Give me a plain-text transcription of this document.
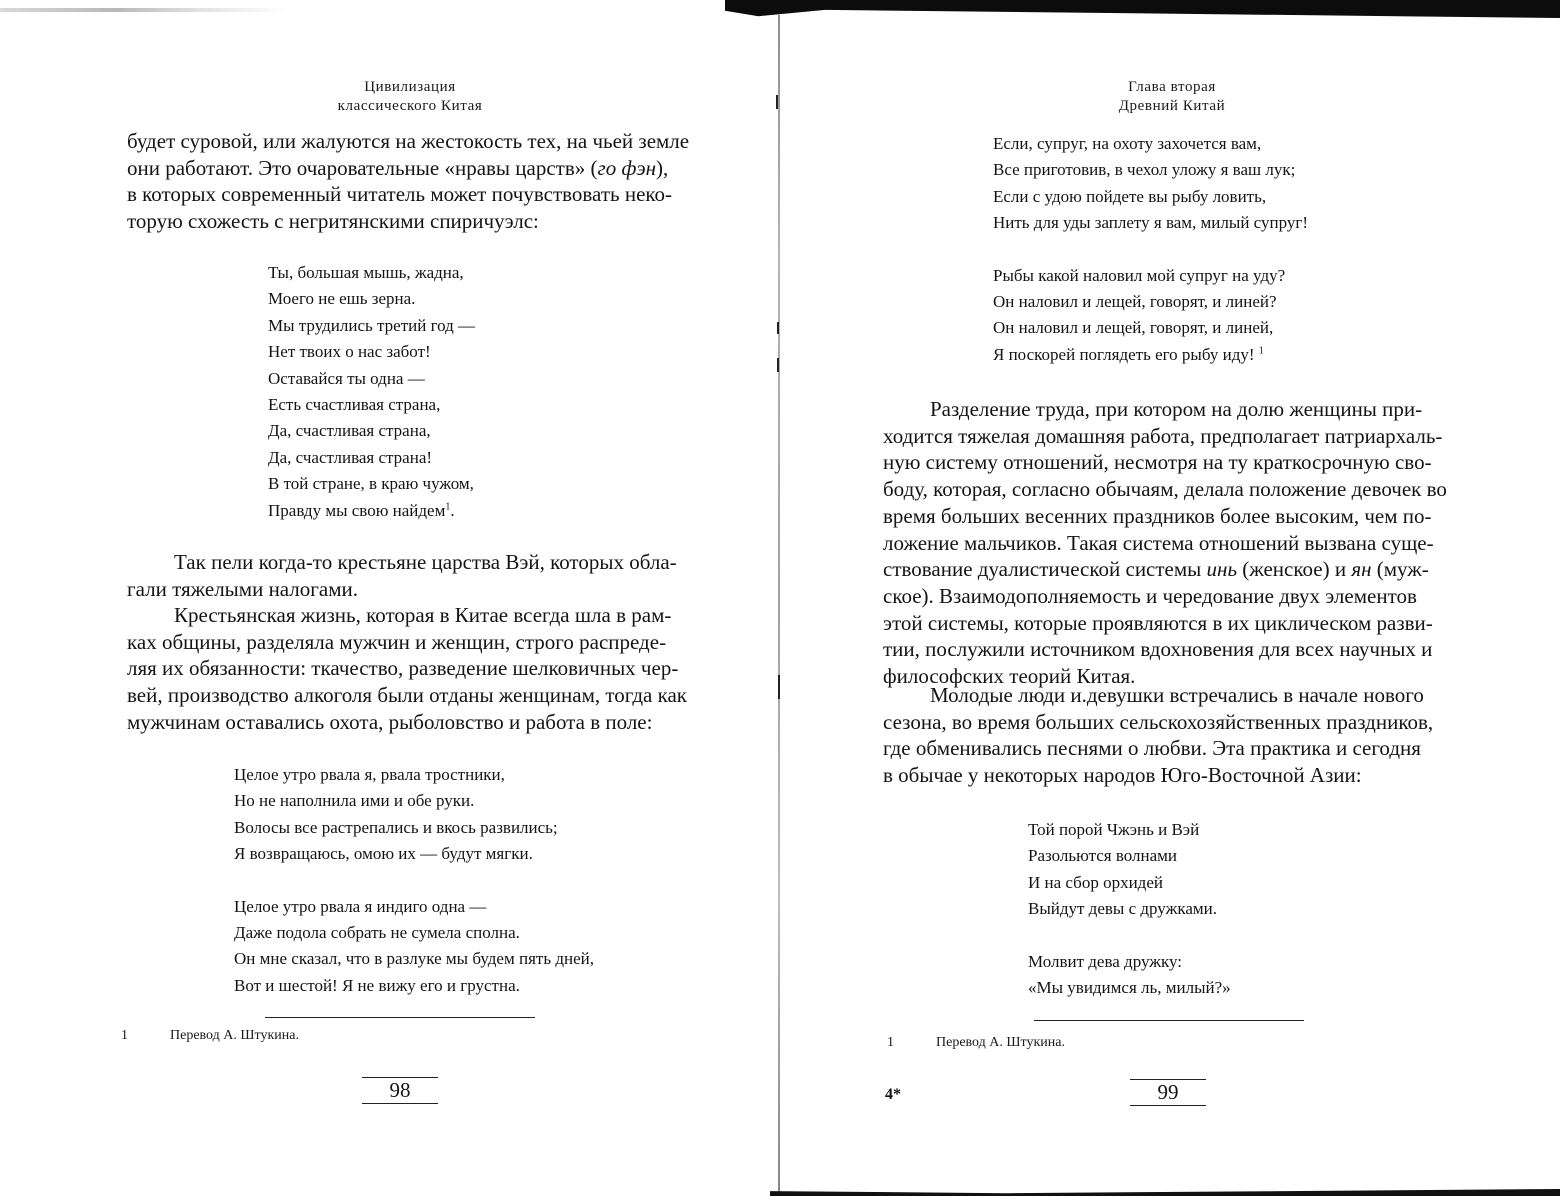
Цивилизация
классического Китая

будет суровой, или жалуются на жестокость тех, на чьей земле

они работают. Это очаровательные «нравы царств» (го фэн),

в которых современный читатель может почувствовать неко-

торую схожесть с негритянскими спиричуэлс:

Ты, большая мышь, жадна,
Моего не ешь зерна.
Мы трудились третий год —
Нет твоих о нас забот!
Оставайся ты одна —
Есть счастливая страна,
Да, счастливая страна,
Да, счастливая страна!
В той стране, в краю чужом,
Правду мы свою найдем$^1$.

Так пели когда-то крестьяне царства Вэй, которых обла-

гали тяжелыми налогами.

Крестьянская жизнь, которая в Китае всегда шла в рам-

ках общины, разделяла мужчин и женщин, строго распреде-

ляя их обязанности: ткачество, разведение шелковичных чер-

вей, производство алкоголя были отданы женщинам, тогда как

мужчинам оставались охота, рыболовство и работа в поле:

Целое утро рвала я, рвала тростники,
Но не наполнила ими и обе руки.
Волосы все растрепались и вкось развились;
Я возвращаюсь, омою их — будут мягки.
Целое утро рвала я индиго одна —
Даже подола собрать не сумела сполна.
Он мне сказал, что в разлуке мы будем пять дней,
Вот и шестой! Я не вижу его и грустна.
1	Перевод А. Штукина.
98
Глава вторая
Древний Китай
Если, супруг, на охоту захочется вам,
Все приготовив, в чехол уложу я ваш лук;
Если с удою пойдете вы рыбу ловить,
Нить для уды заплету я вам, милый супруг!
Рыбы какой наловил мой супруг на уду?
Он наловил и лещей, говорят, и линей?
Он наловил и лещей, говорят, и линей,
Я поскорей поглядеть его рыбу иду! $^1$

Разделение труда, при котором на долю женщины при-

ходится тяжелая домашняя работа, предполагает патриархаль-

ную систему отношений, несмотря на ту краткосрочную сво-

боду, которая, согласно обычаям, делала положение девочек во

время больших весенних праздников более высоким, чем по-

ложение мальчиков. Такая система отношений вызвана суще-

ствование дуалистической системы инь (женское) и ян (муж-

ское). Взаимодополняемость и чередование двух элементов

этой системы, которые проявляются в их циклическом разви-

тии, послужили источником вдохновения для всех научных и

философских теорий Китая.

Молодые люди и.девушки встречались в начале нового

сезона, во время больших сельскохозяйственных праздников,

где обменивались песнями о любви. Эта практика и сегодня

в обычае у некоторых народов Юго-Восточной Азии:

Той порой Чжэнь и Вэй
Разольются волнами
И на сбор орхидей
Выйдут девы с дружками.
Молвит дева дружку:
«Мы увидимся ль, милый?»
1	Перевод А. Штукина.
4*	99
